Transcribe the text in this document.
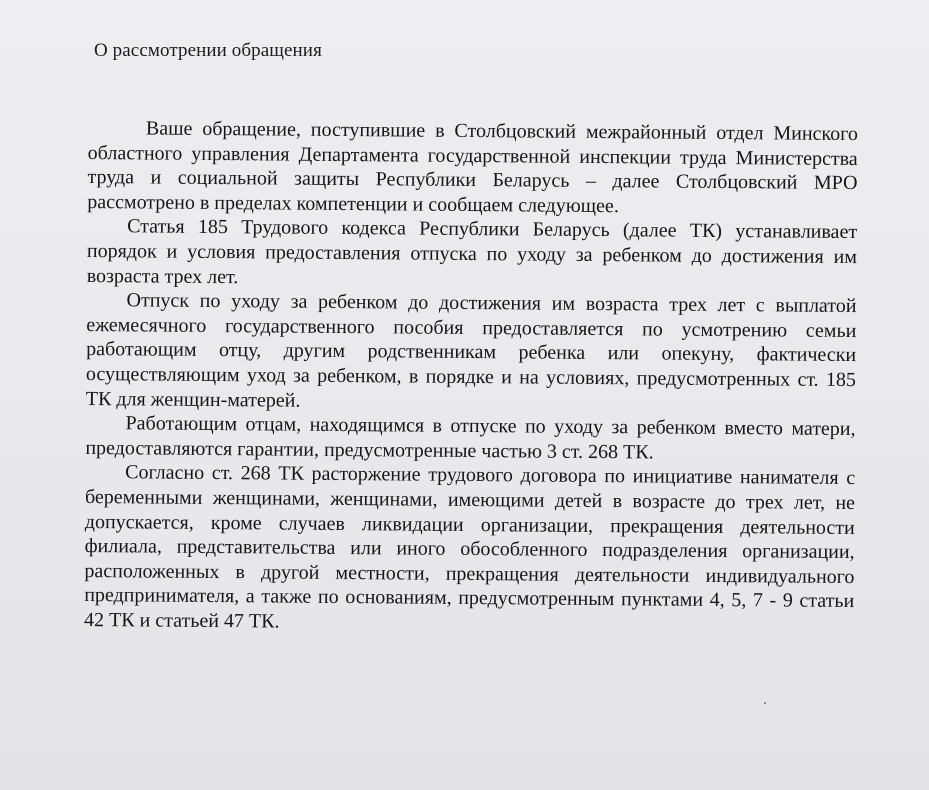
О рассмотрении обращения

Ваше обращение, поступившие в Столбцовский межрайонный отдел Минского областного управления Департамента государственной инспекции труда Министерства труда и социальной защиты Республики Беларусь – далее Столбцовский МРО рассмотрено в пределах компетенции и сообщаем следующее.

Статья 185 Трудового кодекса Республики Беларусь (далее ТК) устанавливает порядок и условия предоставления отпуска по уходу за ребенком до достижения им возраста трех лет.

Отпуск по уходу за ребенком до достижения им возраста трех лет с выплатой ежемесячного государственного пособия предоставляется по усмотрению семьи работающим отцу, другим родственникам ребенка или опекуну, фактически осуществляющим уход за ребенком, в порядке и на условиях, предусмотренных ст. 185 ТК для женщин-матерей.

Работающим отцам, находящимся в отпуске по уходу за ребенком вместо матери, предоставляются гарантии, предусмотренные частью 3 ст. 268 ТК.

Согласно ст. 268 ТК расторжение трудового договора по инициативе нанимателя с беременными женщинами, женщинами, имеющими детей в возрасте до трех лет, не допускается, кроме случаев ликвидации организации, прекращения деятельности филиала, представительства или иного обособленного подразделения организации, расположенных в другой местности, прекращения деятельности индивидуального предпринимателя, а также по основаниям, предусмотренным пунктами 4, 5, 7 - 9 статьи 42 ТК и статьей 47 ТК.
